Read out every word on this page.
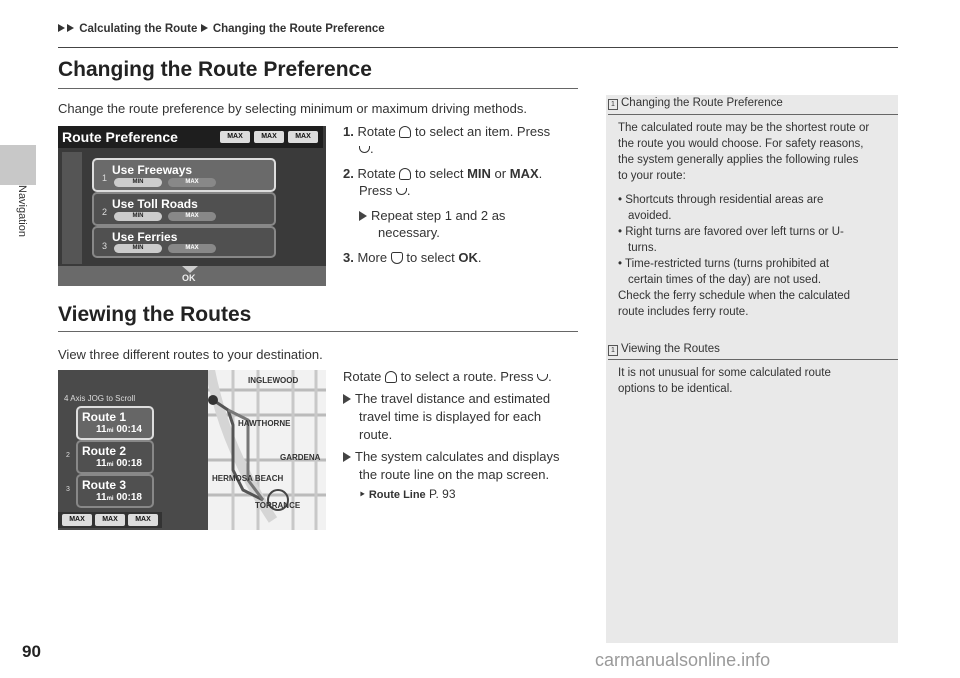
Calculating the Route Changing the Route Preference
Navigation
Changing the Route Preference
Change the route preference by selecting minimum or maximum driving methods.
Route Preference	MAX	MAX	MAX
Use Freeways
MIN	MAX
1
Use Toll Roads
MIN	MAX
2
Use Ferries
MIN	MAX
3
OK
1. Rotate to select an item. Press
.
2. Rotate to select MIN or MAX.
Press .
Repeat step 1 and 2 as
necessary.
3. More to select OK.
Viewing the Routes
View three different routes to your destination.
INGLEWOOD
HAWTHORNE
GARDENA
HERMOSA BEACH
TORRANCE
4 Axis JOG to Scroll
Route 1
11mi 00:14
Route 2
11mi 00:18
2
Route 3
11mi 00:18
3
MAX	MAX	MAX
Rotate to select a route. Press .
The travel distance and estimated
travel time is displayed for each
route.
The system calculates and displays
the route line on the map screen.
‣ Route Line P. 93
1 Changing the Route Preference
The calculated route may be the shortest route or
the route you would choose. For safety reasons,
the system generally applies the following rules
to your route:
• Shortcuts through residential areas are
avoided.
• Right turns are favored over left turns or U-
turns.
• Time-restricted turns (turns prohibited at
certain times of the day) are not used.
Check the ferry schedule when the calculated
route includes ferry route.
1 Viewing the Routes
It is not unusual for some calculated route
options to be identical.
90	carmanualsonline.info
